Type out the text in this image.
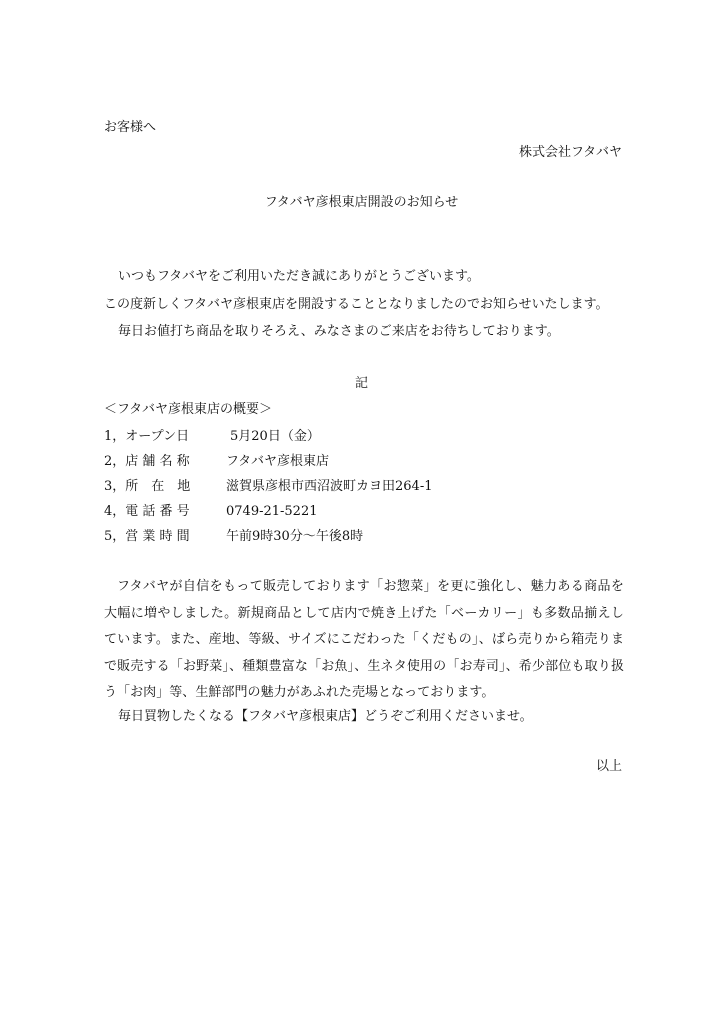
お客様へ
株式会社フタバヤ
フタバヤ彦根東店開設のお知らせ
いつもフタバヤをご利用いただき誠にありがとうございます。
この度新しくフタバヤ彦根東店を開設することとなりましたのでお知らせいたします。
毎日お値打ち商品を取りそろえ、みなさまのご来店をお待ちしております。
記
＜フタバヤ彦根東店の概要＞
1，オープン日	5月20日（金）
2，店 舗 名 称	フタバヤ彦根東店
3，所　在　地	滋賀県彦根市西沼波町カヨ田264-1
4，電 話 番 号	0749-21-5221
5，営 業 時 間	午前9時30分～午後8時
フタバヤが自信をもって販売しております「お惣菜」を更に強化し、魅力ある商品を大幅に増やしました。新規商品として店内で焼き上げた「ベーカリー」も多数品揃えしています。また、産地、等級、サイズにこだわった「くだもの」、ばら売りから箱売りまで販売する「お野菜」、種類豊富な「お魚」、生ネタ使用の「お寿司」、希少部位も取り扱う「お肉」等、生鮮部門の魅力があふれた売場となっております。
毎日買物したくなる【フタバヤ彦根東店】どうぞご利用くださいませ。
以上
